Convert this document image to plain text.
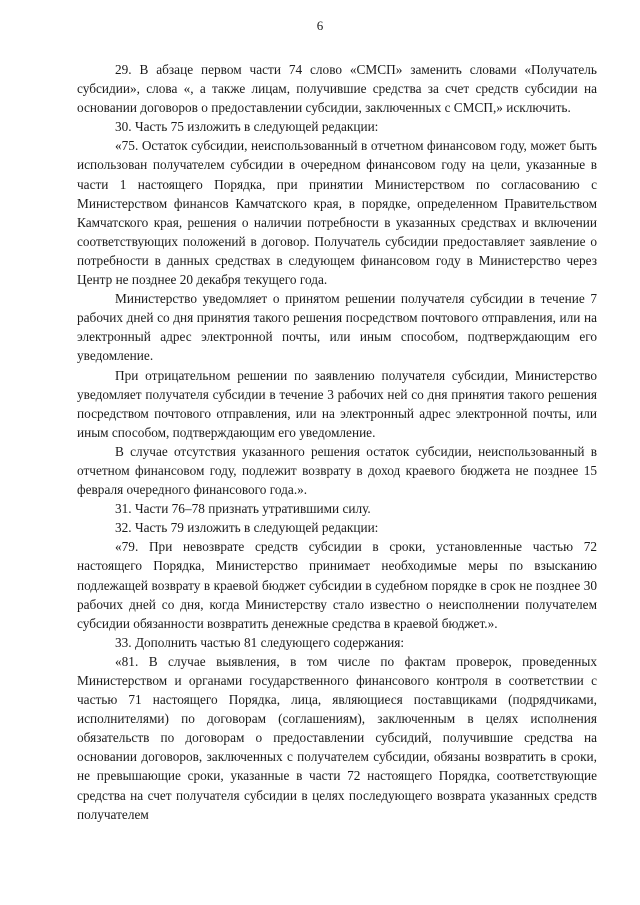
6

29. В абзаце первом части 74 слово «СМСП» заменить словами «Получатель субсидии», слова «, а также лицам, получившие средства за счет средств субсидии на основании договоров о предоставлении субсидии, заключенных с СМСП,» исключить.

30. Часть 75 изложить в следующей редакции:

«75. Остаток субсидии, неиспользованный в отчетном финансовом году, может быть использован получателем субсидии в очередном финансовом году на цели, указанные в части 1 настоящего Порядка, при принятии Министерством по согласованию с Министерством финансов Камчатского края, в порядке, определенном Правительством Камчатского края, решения о наличии потребности в указанных средствах и включении соответствующих положений в договор. Получатель субсидии предоставляет заявление о потребности в данных средствах в следующем финансовом году в Министерство через Центр не позднее 20 декабря текущего года.

Министерство уведомляет о принятом решении получателя субсидии в течение 7 рабочих дней со дня принятия такого решения посредством почтового отправления, или на электронный адрес электронной почты, или иным способом, подтверждающим его уведомление.

При отрицательном решении по заявлению получателя субсидии, Министерство уведомляет получателя субсидии в течение 3 рабочих ней со дня принятия такого решения посредством почтового отправления, или на электронный адрес электронной почты, или иным способом, подтверждающим его уведомление.

В случае отсутствия указанного решения остаток субсидии, неиспользованный в отчетном финансовом году, подлежит возврату в доход краевого бюджета не позднее 15 февраля очередного финансового года.».

31. Части 76–78 признать утратившими силу.

32. Часть 79 изложить в следующей редакции:

«79. При невозврате средств субсидии в сроки, установленные частью 72 настоящего Порядка, Министерство принимает необходимые меры по взысканию подлежащей возврату в краевой бюджет субсидии в судебном порядке в срок не позднее 30 рабочих дней со дня, когда Министерству стало известно о неисполнении получателем субсидии обязанности возвратить денежные средства в краевой бюджет.».

33. Дополнить частью 81 следующего содержания:

«81. В случае выявления, в том числе по фактам проверок, проведенных Министерством и органами государственного финансового контроля в соответствии с частью 71 настоящего Порядка, лица, являющиеся поставщиками (подрядчиками, исполнителями) по договорам (соглашениям), заключенным в целях исполнения обязательств по договорам о предоставлении субсидий, получившие средства на основании договоров, заключенных с получателем субсидии, обязаны возвратить в сроки, не превышающие сроки, указанные в части 72 настоящего Порядка, соответствующие средства на счет получателя субсидии в целях последующего возврата указанных средств получателем
